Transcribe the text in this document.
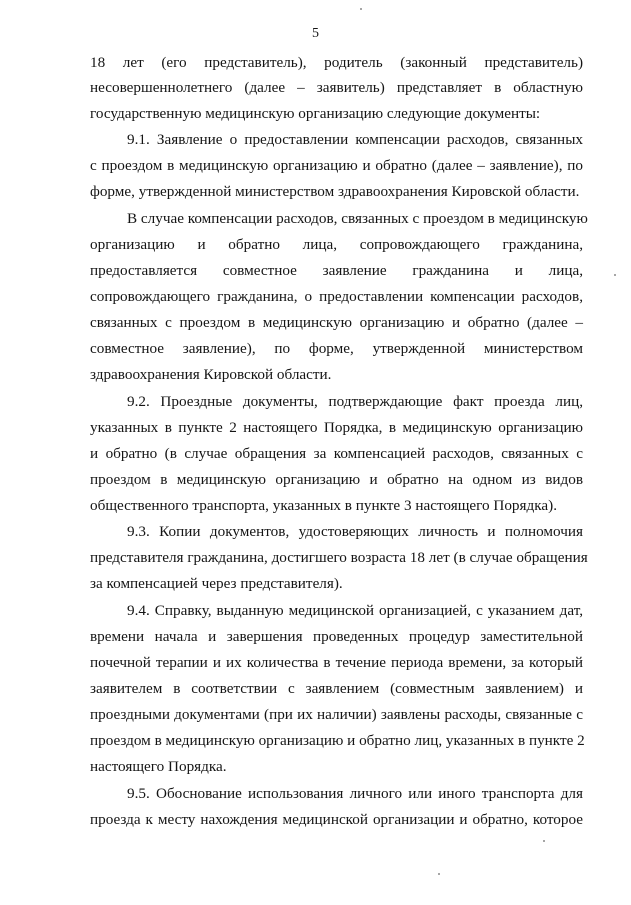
5
18 лет (его представитель), родитель (законный представитель)
несовершеннолетнего (далее – заявитель) представляет в областную
государственную медицинскую организацию следующие документы:
9.1. Заявление о предоставлении компенсации расходов, связанных
с проездом в медицинскую организацию и обратно (далее – заявление), по
форме, утвержденной министерством здравоохранения Кировской области.
В случае компенсации расходов, связанных с проездом в медицинскую
организацию и обратно лица, сопровождающего гражданина,
предоставляется совместное заявление гражданина и лица,
сопровождающего гражданина, о предоставлении компенсации расходов,
связанных с проездом в медицинскую организацию и обратно (далее –
совместное заявление), по форме, утвержденной министерством
здравоохранения Кировской области.
9.2. Проездные документы, подтверждающие факт проезда лиц,
указанных в пункте 2 настоящего Порядка, в медицинскую организацию
и обратно (в случае обращения за компенсацией расходов, связанных с
проездом в медицинскую организацию и обратно на одном из видов
общественного транспорта, указанных в пункте 3 настоящего Порядка).
9.3. Копии документов, удостоверяющих личность и полномочия
представителя гражданина, достигшего возраста 18 лет (в случае обращения
за компенсацией через представителя).
9.4. Справку, выданную медицинской организацией, с указанием дат,
времени начала и завершения проведенных процедур заместительной
почечной терапии и их количества в течение периода времени, за который
заявителем в соответствии с заявлением (совместным заявлением) и
проездными документами (при их наличии) заявлены расходы, связанные с
проездом в медицинскую организацию и обратно лиц, указанных в пункте 2
настоящего Порядка.
9.5. Обоснование использования личного или иного транспорта для
проезда к месту нахождения медицинской организации и обратно, которое
